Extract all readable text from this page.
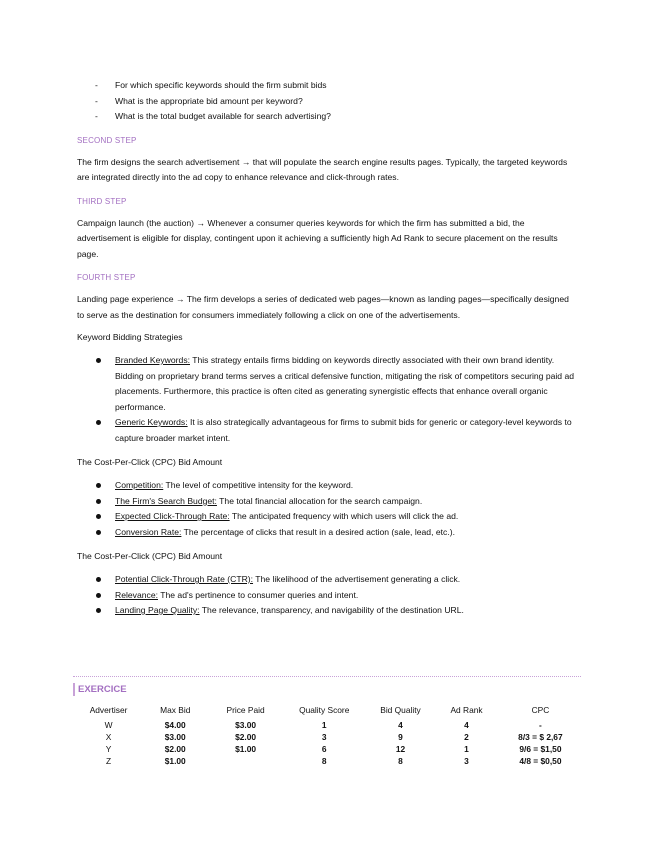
- For which specific keywords should the firm submit bids
- What is the appropriate bid amount per keyword?
- What is the total budget available for search advertising?
SECOND STEP

The firm designs the search advertisement → that will populate the search engine results pages. Typically, the targeted keywords are integrated directly into the ad copy to enhance relevance and click-through rates.

THIRD STEP

Campaign launch (the auction) → Whenever a consumer queries keywords for which the firm has submitted a bid, the advertisement is eligible for display, contingent upon it achieving a sufficiently high Ad Rank to secure placement on the results page.

FOURTH STEP

Landing page experience → The firm develops a series of dedicated web pages—known as landing pages—specifically designed to serve as the destination for consumers immediately following a click on one of the advertisements.

Keyword Bidding Strategies
Branded Keywords: This strategy entails firms bidding on keywords directly associated with their own brand identity. Bidding on proprietary brand terms serves a critical defensive function, mitigating the risk of competitors securing paid ad placements. Furthermore, this practice is often cited as generating synergistic effects that enhance overall organic performance.
Generic Keywords: It is also strategically advantageous for firms to submit bids for generic or category-level keywords to capture broader market intent.
The Cost-Per-Click (CPC) Bid Amount
Competition: The level of competitive intensity for the keyword.
The Firm's Search Budget: The total financial allocation for the search campaign.
Expected Click-Through Rate: The anticipated frequency with which users will click the ad.
Conversion Rate: The percentage of clicks that result in a desired action (sale, lead, etc.).
The Cost-Per-Click (CPC) Bid Amount
Potential Click-Through Rate (CTR): The likelihood of the advertisement generating a click.
Relevance: The ad's pertinence to consumer queries and intent.
Landing Page Quality: The relevance, transparency, and navigability of the destination URL.
EXERCICE
Advertiser	Max Bid	Price Paid	Quality Score	Bid Quality	Ad Rank	CPC
W	$4.00	$3.00	1	4	4	-
X	$3.00	$2.00	3	9	2	8/3 = $ 2,67
Y	$2.00	$1.00	6	12	1	9/6 = $1,50
Z	$1.00		8	8	3	4/8 = $0,50
